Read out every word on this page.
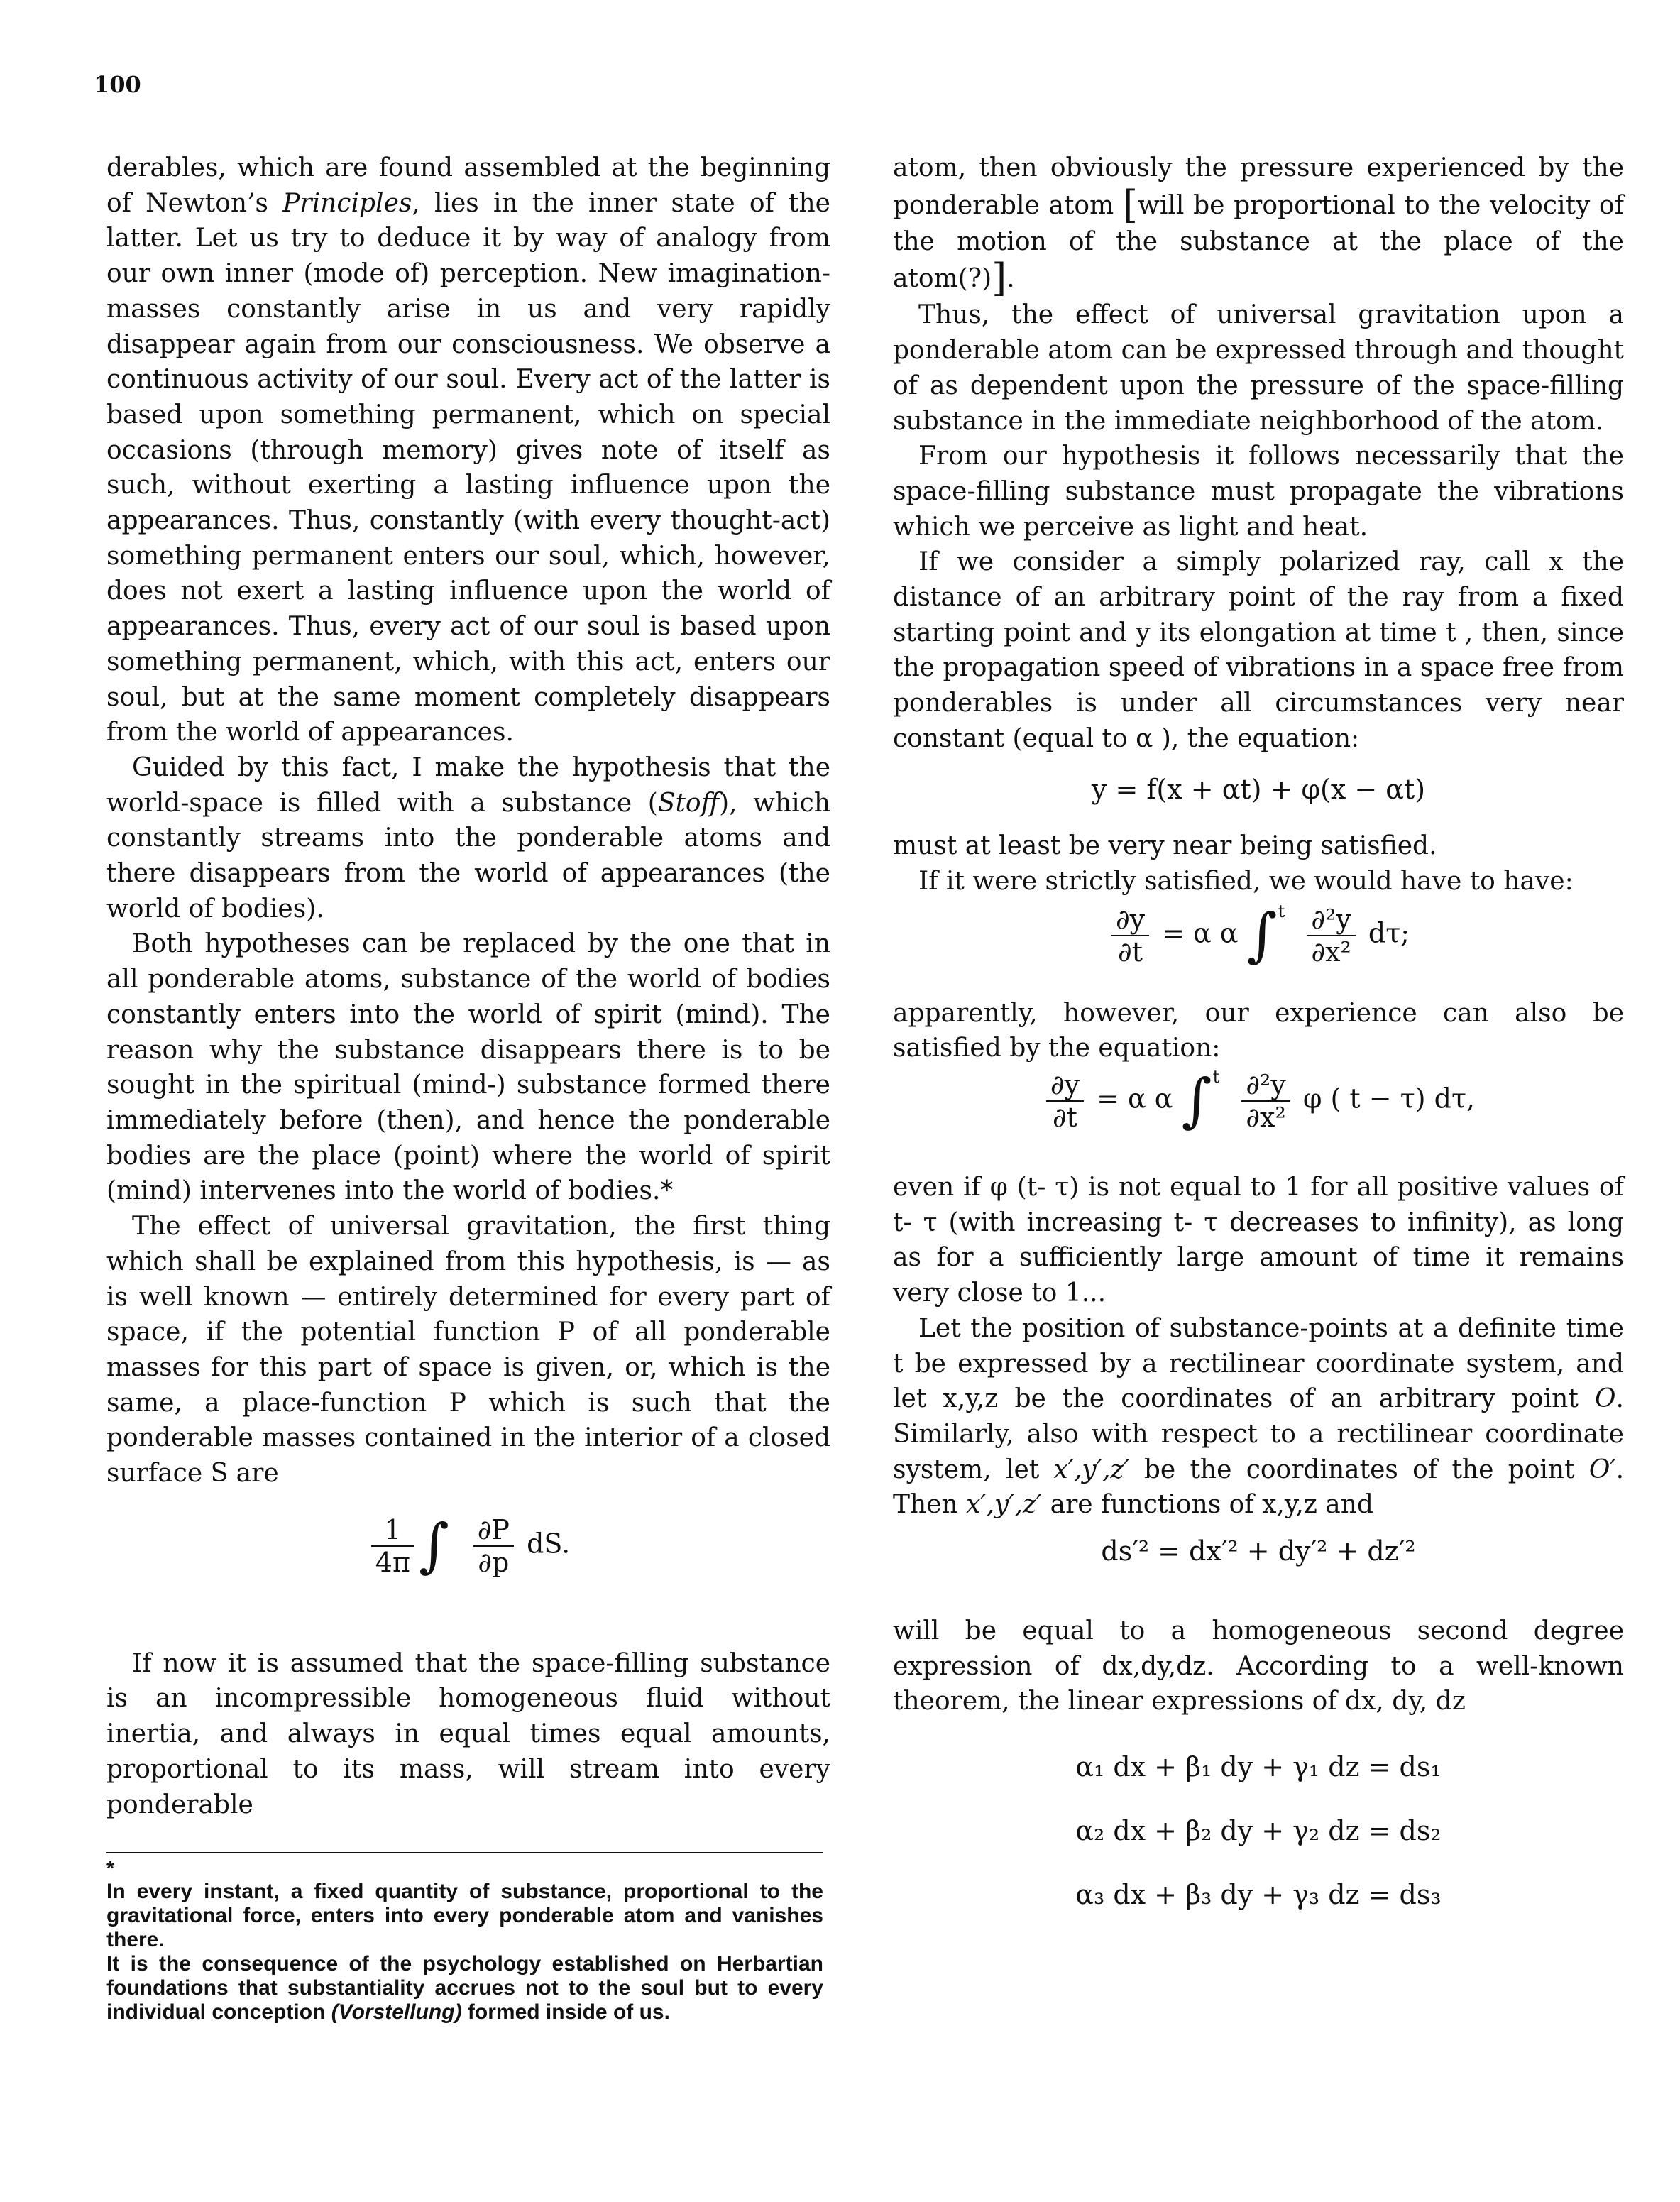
100

derables, which are found assembled at the beginning of Newton’s Principles, lies in the inner state of the latter. Let us try to deduce it by way of analogy from our own inner (mode of) perception. New imagination-masses constantly arise in us and very rapidly disappear again from our consciousness. We observe a continuous activity of our soul. Every act of the latter is based upon something permanent, which on special occasions (through memory) gives note of itself as such, without exerting a lasting influence upon the appearances. Thus, constantly (with every thought-act) something permanent enters our soul, which, however, does not exert a lasting influence upon the world of appearances. Thus, every act of our soul is based upon something permanent, which, with this act, enters our soul, but at the same moment completely disappears from the world of appearances.

Guided by this fact, I make the hypothesis that the world-space is filled with a substance (Stoff), which constantly streams into the ponderable atoms and there disappears from the world of appearances (the world of bodies).

Both hypotheses can be replaced by the one that in all ponderable atoms, substance of the world of bodies constantly enters into the world of spirit (mind). The reason why the substance disappears there is to be sought in the spiritual (mind-) substance formed there immediately before (then), and hence the ponderable bodies are the place (point) where the world of spirit (mind) intervenes into the world of bodies.*

The effect of universal gravitation, the first thing which shall be explained from this hypothesis, is — as is well known — entirely determined for every part of space, if the potential function P of all ponderable masses for this part of space is given, or, which is the same, a place-function P which is such that the ponderable masses contained in the interior of a closed surface S are

$\frac{1}{4\pi}$ ∫ $\frac{\partial P}{\partial p}$ dS.

If now it is assumed that the space-filling substance is an incompressible homogeneous fluid without inertia, and always in equal times equal amounts, proportional to its mass, will stream into every ponderable

*

In every instant, a fixed quantity of substance, proportional to the gravitational force, enters into every ponderable atom and vanishes there.

It is the consequence of the psychology established on Herbartian foundations that substantiality accrues not to the soul but to every individual conception (Vorstellung) formed inside of us.

atom, then obviously the pressure experienced by the ponderable atom [will be proportional to the velocity of the motion of the substance at the place of the atom(?)].

Thus, the effect of universal gravitation upon a ponderable atom can be expressed through and thought of as dependent upon the pressure of the space-filling substance in the immediate neighborhood of the atom.

From our hypothesis it follows necessarily that the space-filling substance must propagate the vibrations which we perceive as light and heat.

If we consider a simply polarized ray, call x the distance of an arbitrary point of the ray from a fixed starting point and y its elongation at time t , then, since the propagation speed of vibrations in a space free from ponderables is under all circumstances very near constant (equal to α ), the equation:

y = f(x + αt) + φ(x − αt)

must at least be very near being satisfied.

If it were strictly satisfied, we would have to have:

$\frac{\partial y}{\partial t} = \alpha$ α ∫ t
$\frac{\text{∂²y}}{\text{∂x²}} d\tau$;

apparently, however, our experience can also be satisfied by the equation:

$\frac{\partial y}{\partial t} = \alpha$ α ∫ t
$\frac{\text{∂²y}}{\text{∂x²}}$ φ ( t − τ) dτ,

even if φ (t- τ) is not equal to 1 for all positive values of t- τ (with increasing t- τ decreases to infinity), as long as for a sufficiently large amount of time it remains very close to 1...

Let the position of substance-points at a definite time t be expressed by a rectilinear coordinate system, and let x,y,z be the coordinates of an arbitrary point O. Similarly, also with respect to a rectilinear coordinate system, let x′,y′,z′ be the coordinates of the point O′. Then x′,y′,z′ are functions of x,y,z and

ds′² = dx′² + dy′² + dz′²

will be equal to a homogeneous second degree expression of dx,dy,dz. According to a well-known theorem, the linear expressions of dx, dy, dz

α₁ dx + β₁ dy + γ₁ dz = ds₁
α₂ dx + β₂ dy + γ₂ dz = ds₂
α₃ dx + β₃ dy + γ₃ dz = ds₃
